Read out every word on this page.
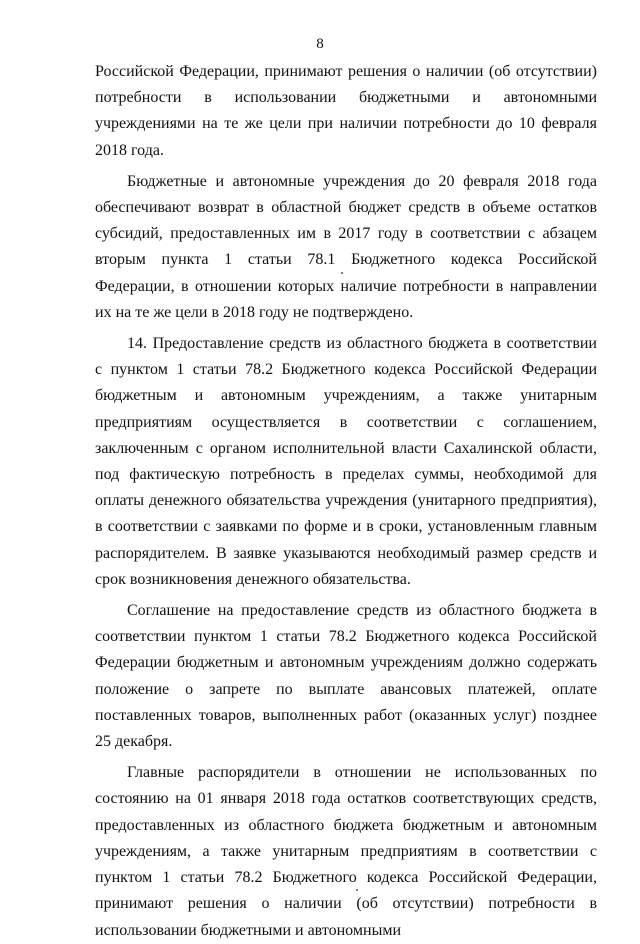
8

Российской Федерации, принимают решения о наличии (об отсутствии) потребности в использовании бюджетными и автономными учреждениями на те же цели при наличии потребности до 10 февраля 2018 года.

Бюджетные и автономные учреждения до 20 февраля 2018 года обеспечивают возврат в областной бюджет средств в объеме остатков субсидий, предоставленных им в 2017 году в соответствии с абзацем вторым пункта 1 статьи 78.1 Бюджетного кодекса Российской Федерации, в отношении которых наличие потребности в направлении их на те же цели в 2018 году не подтверждено.

14. Предоставление средств из областного бюджета в соответствии с пунктом 1 статьи 78.2 Бюджетного кодекса Российской Федерации бюджетным и автономным учреждениям, а также унитарным предприятиям осуществляется в соответствии с соглашением, заключенным с органом исполнительной власти Сахалинской области, под фактическую потребность в пределах суммы, необходимой для оплаты денежного обязательства учреждения (унитарного предприятия), в соответствии с заявками по форме и в сроки, установленным главным распорядителем. В заявке указываются необходимый размер средств и срок возникновения денежного обязательства.

Соглашение на предоставление средств из областного бюджета в соответствии пунктом 1 статьи 78.2 Бюджетного кодекса Российской Федерации бюджетным и автономным учреждениям должно содержать положение о запрете по выплате авансовых платежей, оплате поставленных товаров, выполненных работ (оказанных услуг) позднее 25 декабря.

Главные распорядители в отношении не использованных по состоянию на 01 января 2018 года остатков соответствующих средств, предоставленных из областного бюджета бюджетным и автономным учреждениям, а также унитарным предприятиям в соответствии с пунктом 1 статьи 78.2 Бюджетного кодекса Российской Федерации, принимают решения о наличии (об отсутствии) потребности в использовании бюджетными и автономными
